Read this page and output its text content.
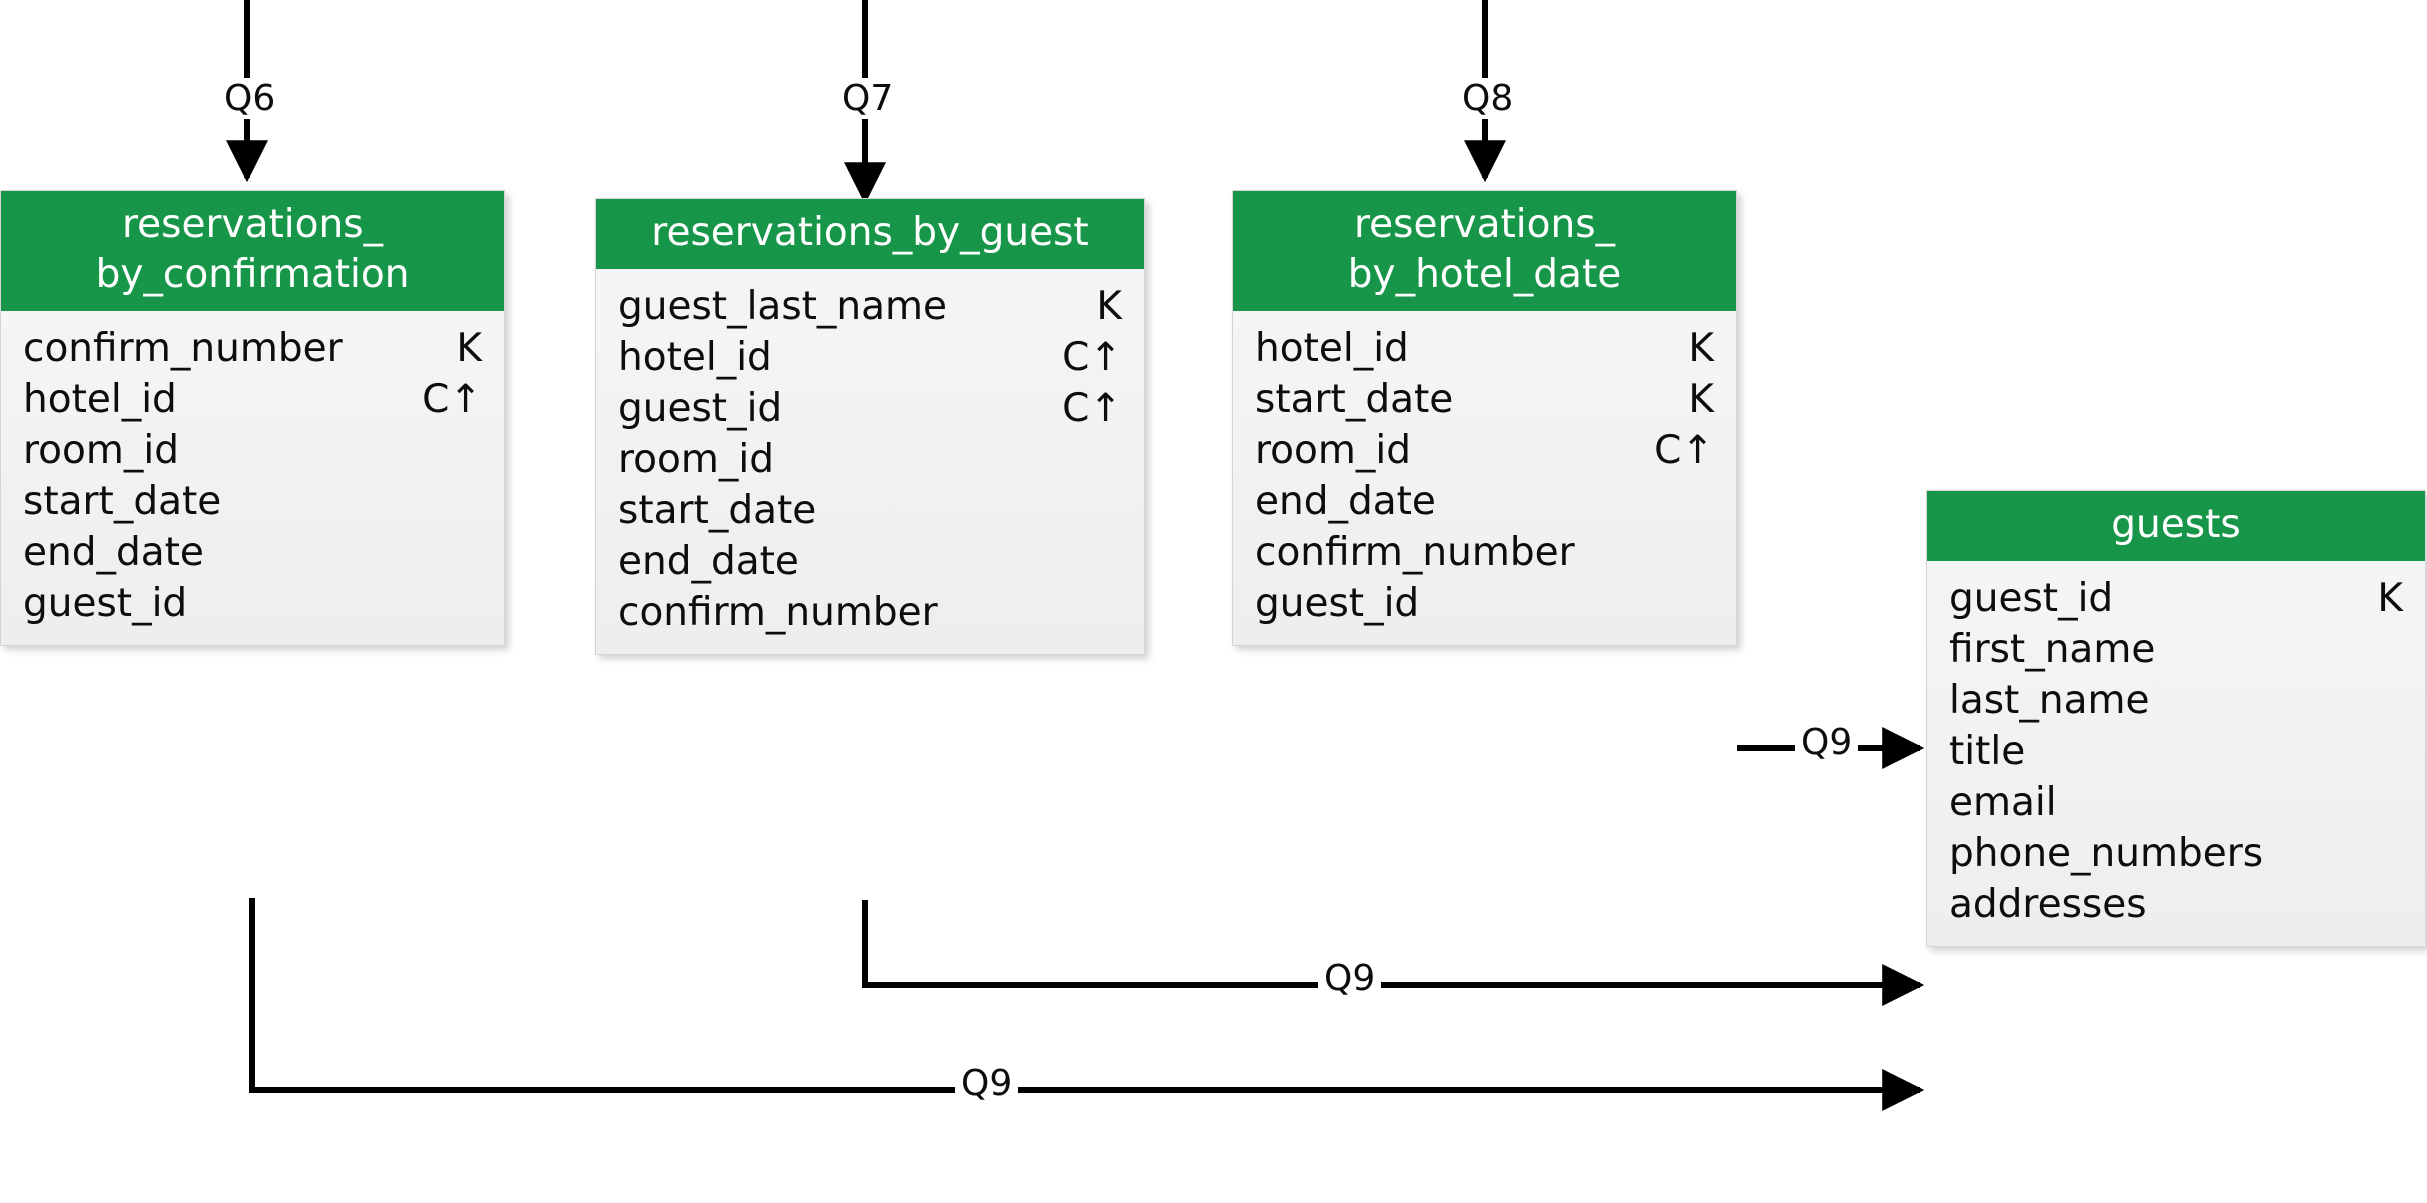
Q6	Q7	Q8
Q9
Q9
Q9
reservations_
by_confirmation
confirm_number	K
hotel_id	C↑
room_id
start_date
end_date
guest_id
reservations_by_guest
guest_last_name	K
hotel_id	C↑
guest_id	C↑
room_id
start_date
end_date
confirm_number
reservations_
by_hotel_date
hotel_id	K
start_date	K
room_id	C↑
end_date
confirm_number
guest_id
guests
guest_id	K
first_name
last_name
title
email
phone_numbers
addresses
